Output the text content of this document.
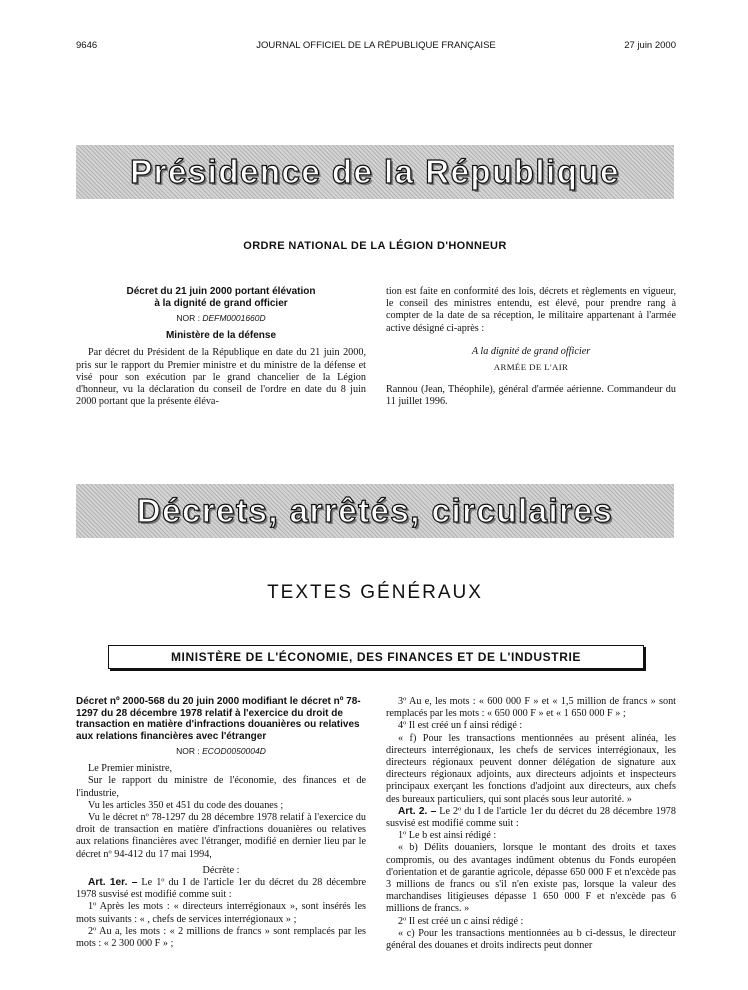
9646	JOURNAL OFFICIEL DE LA RÉPUBLIQUE FRANÇAISE	27 juin 2000
Présidence de la République
ORDRE NATIONAL DE LA LÉGION D'HONNEUR
Décret du 21 juin 2000 portant élévation
à la dignité de grand officier
NOR : DEFM0001660D
Ministère de la défense

Par décret du Président de la République en date du 21 juin 2000, pris sur le rapport du Premier ministre et du ministre de la défense et visé pour son exécution par le grand chancelier de la Légion d'honneur, vu la déclaration du conseil de l'ordre en date du 8 juin 2000 portant que la présente éléva-

tion est faite en conformité des lois, décrets et règlements en vigueur, le conseil des ministres entendu, est élevé, pour prendre rang à compter de la date de sa réception, le militaire appartenant à l'armée active désigné ci-après :

A la dignité de grand officier

ARMÉE DE L'AIR

Rannou (Jean, Théophile), général d'armée aérienne. Commandeur du 11 juillet 1996.

Décrets, arrêtés, circulaires
TEXTES GÉNÉRAUX
MINISTÈRE DE L'ÉCONOMIE, DES FINANCES ET DE L'INDUSTRIE
Décret nº 2000-568 du 20 juin 2000 modifiant le décret nº 78-1297 du 28 décembre 1978 relatif à l'exercice du droit de transaction en matière d'infractions douanières ou relatives aux relations financières avec l'étranger
NOR : ECOD0050004D

Le Premier ministre,

Sur le rapport du ministre de l'économie, des finances et de l'industrie,

Vu les articles 350 et 451 du code des douanes ;

Vu le décret nº 78-1297 du 28 décembre 1978 relatif à l'exercice du droit de transaction en matière d'infractions douanières ou relatives aux relations financières avec l'étranger, modifié en dernier lieu par le décret nº 94-412 du 17 mai 1994,

Décrète :

Art. 1er. – Le 1º du I de l'article 1er du décret du 28 décembre 1978 susvisé est modifié comme suit :

1º Après les mots : « directeurs interrégionaux », sont insérés les mots suivants : « , chefs de services interrégionaux » ;

2º Au a, les mots : « 2 millions de francs » sont remplacés par les mots : « 2 300 000 F » ;

3º Au e, les mots : « 600 000 F » et « 1,5 million de francs » sont remplacés par les mots : « 650 000 F » et « 1 650 000 F » ;

4º Il est créé un f ainsi rédigé :

« f) Pour les transactions mentionnées au présent alinéa, les directeurs interrégionaux, les chefs de services interrégionaux, les directeurs régionaux peuvent donner délégation de signature aux directeurs régionaux adjoints, aux directeurs adjoints et inspecteurs principaux exerçant les fonctions d'adjoint aux directeurs, aux chefs des bureaux particuliers, qui sont placés sous leur autorité. »

Art. 2. – Le 2º du I de l'article 1er du décret du 28 décembre 1978 susvisé est modifié comme suit :

1º Le b est ainsi rédigé :

« b) Délits douaniers, lorsque le montant des droits et taxes compromis, ou des avantages indûment obtenus du Fonds européen d'orientation et de garantie agricole, dépasse 650 000 F et n'excède pas 3 millions de francs ou s'il n'en existe pas, lorsque la valeur des marchandises litigieuses dépasse 1 650 000 F et n'excède pas 6 millions de francs. »

2º Il est créé un c ainsi rédigé :

« c) Pour les transactions mentionnées au b ci-dessus, le directeur général des douanes et droits indirects peut donner
